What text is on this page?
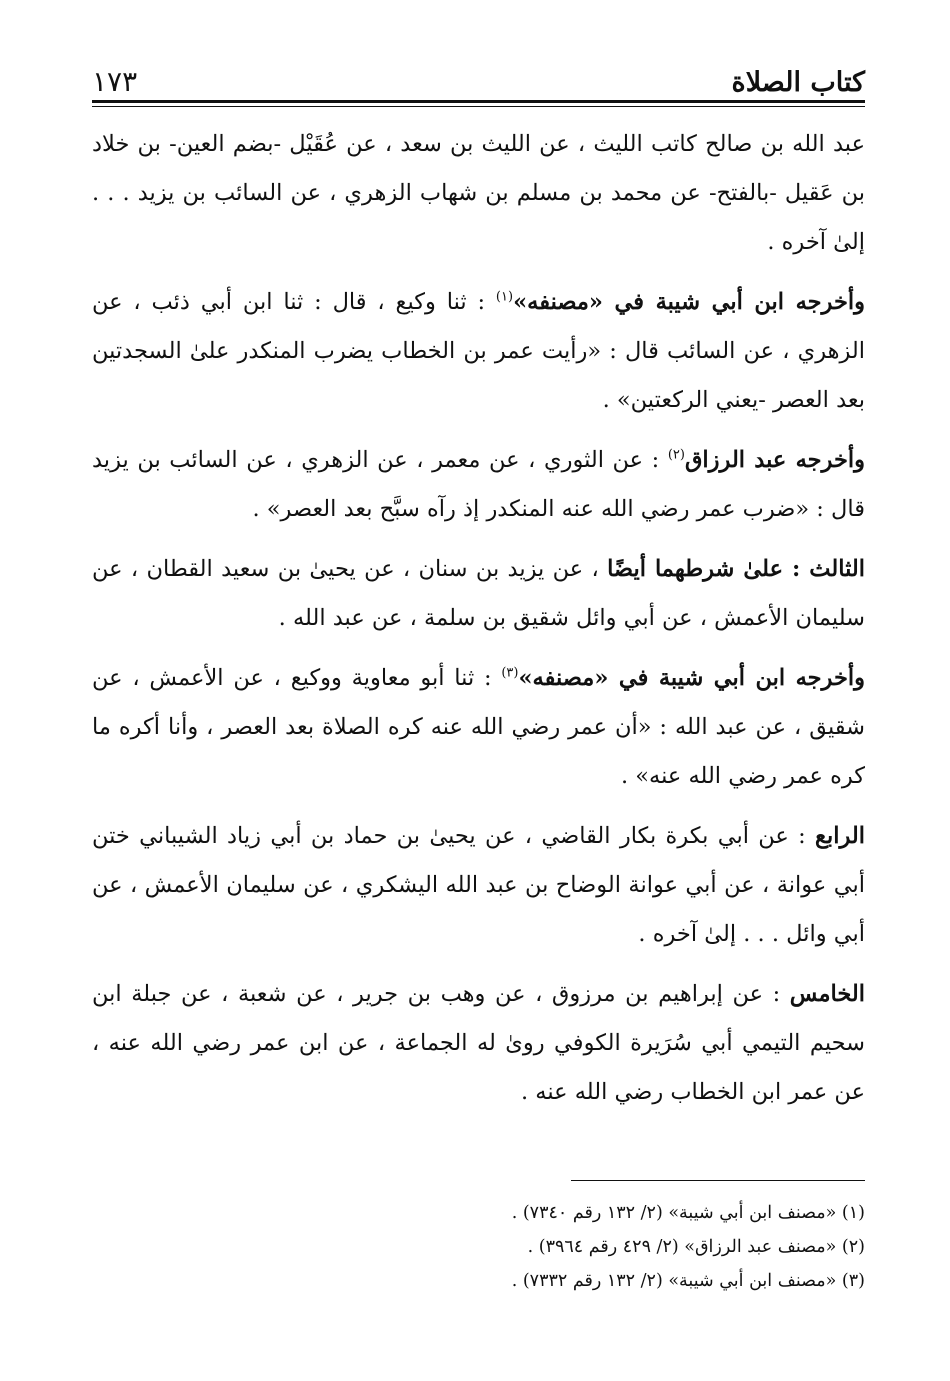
كتاب الصلاة
١٧٣

عبد الله بن صالح كاتب الليث ، عن الليث بن سعد ، عن عُقَيْل -بضم العين- بن خلاد بن عَقيل -بالفتح- عن محمد بن مسلم بن شهاب الزهري ، عن السائب بن يزيد . . . إلىٰ آخره .

وأخرجه ابن أبي شيبة في «مصنفه»$^{(١)}$ : ثنا وكيع ، قال : ثنا ابن أبي ذئب ، عن الزهري ، عن السائب قال : «رأيت عمر بن الخطاب يضرب المنكدر علىٰ السجدتين بعد العصر -يعني الركعتين» .

وأخرجه عبد الرزاق$^{(٢)}$ : عن الثوري ، عن معمر ، عن الزهري ، عن السائب بن يزيد قال : «ضرب عمر رضي الله عنه المنكدر إذ رآه سبَّح بعد العصر» .

الثالث : علىٰ شرطهما أيضًا ، عن يزيد بن سنان ، عن يحيىٰ بن سعيد القطان ، عن سليمان الأعمش ، عن أبي وائل شقيق بن سلمة ، عن عبد الله .

وأخرجه ابن أبي شيبة في «مصنفه»$^{(٣)}$ : ثنا أبو معاوية ووكيع ، عن الأعمش ، عن شقيق ، عن عبد الله : «أن عمر رضي الله عنه كره الصلاة بعد العصر ، وأنا أكره ما كره عمر رضي الله عنه» .

الرابع : عن أبي بكرة بكار القاضي ، عن يحيىٰ بن حماد بن أبي زياد الشيباني ختن أبي عوانة ، عن أبي عوانة الوضاح بن عبد الله اليشكري ، عن سليمان الأعمش ، عن أبي وائل . . . إلىٰ آخره .

الخامس : عن إبراهيم بن مرزوق ، عن وهب بن جرير ، عن شعبة ، عن جبلة ابن سحيم التيمي أبي سُرَيرة الكوفي روىٰ له الجماعة ، عن ابن عمر رضي الله عنه ، عن عمر ابن الخطاب رضي الله عنه .

(١) «مصنف ابن أبي شيبة» (٢/ ١٣٢ رقم ٧٣٤٠) .

(٢) «مصنف عبد الرزاق» (٢/ ٤٢٩ رقم ٣٩٦٤) .

(٣) «مصنف ابن أبي شيبة» (٢/ ١٣٢ رقم ٧٣٣٢) .
